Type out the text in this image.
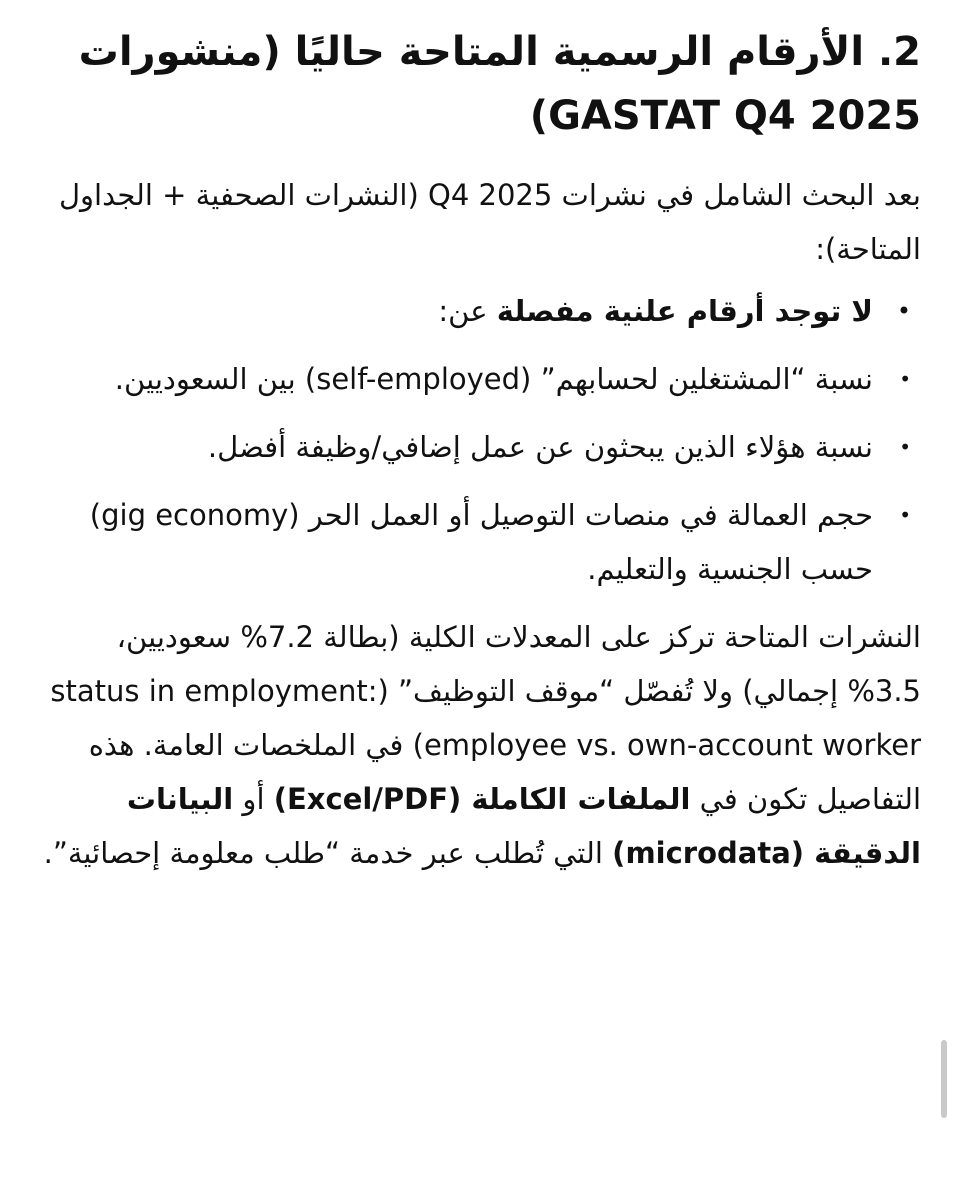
2. الأرقام الرسمية المتاحة حاليًا (منشورات
GASTAT Q4 2025)

بعد البحث الشامل في نشرات Q4 2025 (النشرات الصحفية + الجداول المتاحة):

•
لا توجد أرقام علنية مفصلة عن:
•
نسبة “المشتغلين لحسابهم” (self-employed) بين السعوديين.
•
نسبة هؤلاء الذين يبحثون عن عمل إضافي/وظيفة أفضل.
•
حجم العمالة في منصات التوصيل أو العمل الحر (gig economy) حسب الجنسية والتعليم.

النشرات المتاحة تركز على المعدلات الكلية (بطالة 7.2% سعوديين، 3.5% إجمالي) ولا تُفصّل “موقف التوظيف” (status in employment: employee vs. own-account worker) في الملخصات العامة. هذه التفاصيل تكون في الملفات الكاملة (Excel/PDF) أو البيانات الدقيقة (microdata) التي تُطلب عبر خدمة “طلب معلومة إحصائية”.
